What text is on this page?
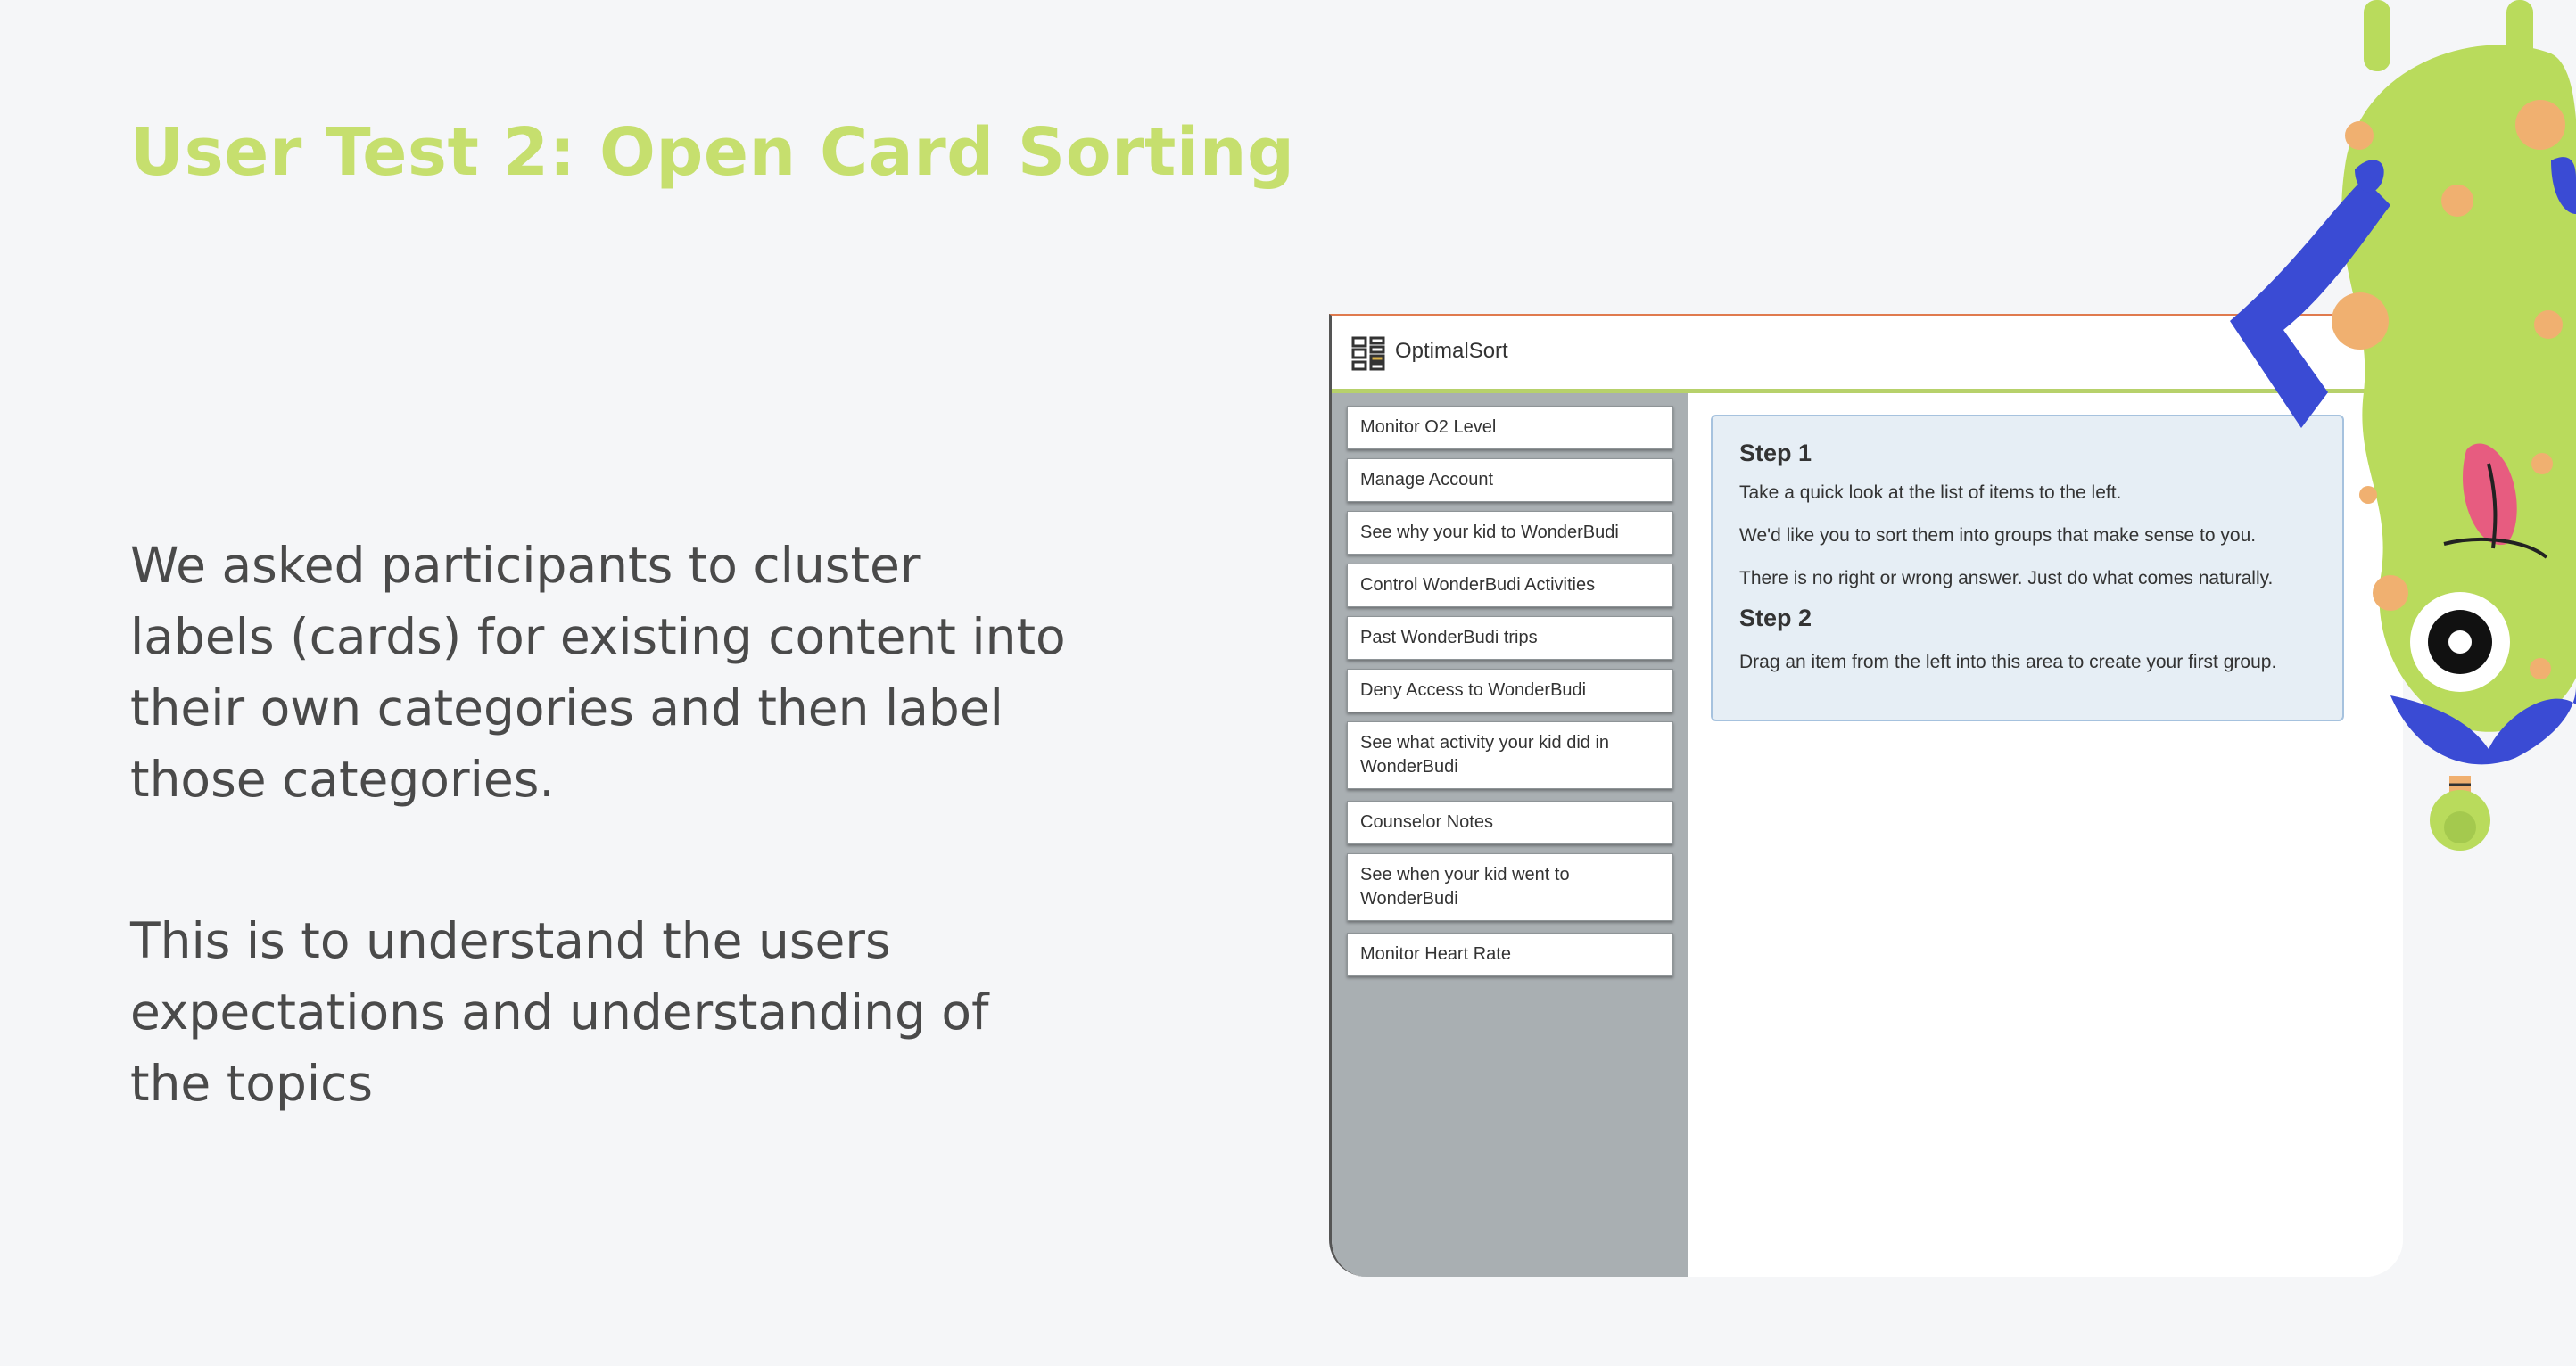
User Test 2: Open Card Sorting
We asked participants to cluster labels (cards) for existing content into their own categories and then label those categories.
This is to understand the users expectations and understanding of the topics
OptimalSort
Monitor O2 Level
Manage Account
See why your kid to WonderBudi
Control WonderBudi Activities
Past WonderBudi trips
Deny Access to WonderBudi
See what activity your kid did in WonderBudi
Counselor Notes
See when your kid went to WonderBudi
Monitor Heart Rate
Step 1
Take a quick look at the list of items to the left.
We'd like you to sort them into groups that make sense to you.
There is no right or wrong answer. Just do what comes naturally.
Step 2
Drag an item from the left into this area to create your first group.
